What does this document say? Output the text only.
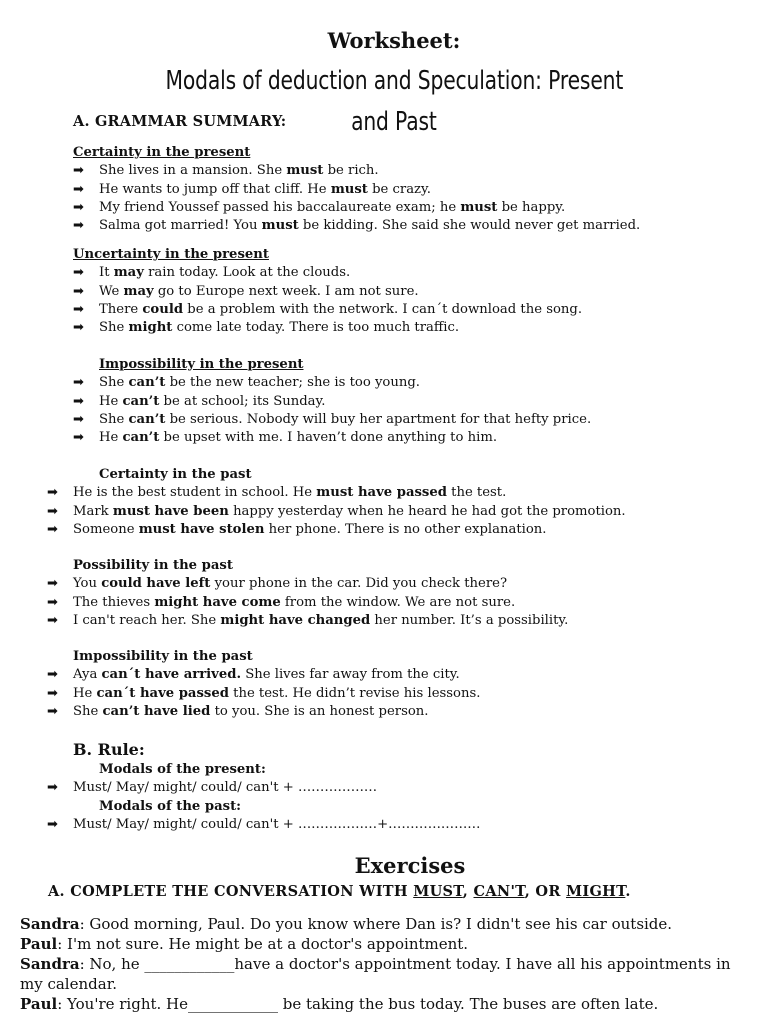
Worksheet: Modals of deduction and Speculation: Present
and Past
A. GRAMMAR SUMMARY:
Certainty in the present
➡ She lives in a mansion. She must be rich.
➡ He wants to jump off that cliff. He must be crazy.
➡ My friend Youssef passed his baccalaureate exam; he must be happy.
➡ Salma got married! You must be kidding. She said she would never get married.
Uncertainty in the present
➡ It may rain today. Look at the clouds.
➡ We may go to Europe next week. I am not sure.
➡ There could be a problem with the network. I can´t download the song.
➡ She might come late today. There is too much traffic.
Impossibility in the present
➡ She can’t be the new teacher; she is too young.
➡ He can’t be at school; its Sunday.
➡ She can’t be serious. Nobody will buy her apartment for that hefty price.
➡ He can’t be upset with me. I haven’t done anything to him.
Certainty in the past
➡ He is the best student in school. He must have passed the test.
➡ Mark must have been happy yesterday when he heard he had got the promotion.
➡ Someone must have stolen her phone. There is no other explanation.
Possibility in the past
➡ You could have left your phone in the car. Did you check there?
➡ The thieves might have come from the window. We are not sure.
➡ I can't reach her. She might have changed her number. It’s a possibility.
Impossibility in the past
➡ Aya can´t have arrived. She lives far away from the city.
➡ He can´t have passed the test. He didn’t revise his lessons.
➡ She can’t have lied to you. She is an honest person.
B. Rule:
Modals of the present:
➡ Must/ May/ might/ could/ can't + ………………
Modals of the past:
➡ Must/ May/ might/ could/ can't + ………………+…………………
Exercises
A. COMPLETE THE CONVERSATION WITH MUST, CAN'T, OR MIGHT.

Sandra: Good morning, Paul. Do you know where Dan is? I didn't see his car outside.

Paul: I'm not sure. He might be at a doctor's appointment.

Sandra: No, he ____________have a doctor's appointment today. I have all his appointments in my calendar.

Paul: You're right. He____________ be taking the bus today. The buses are often late.
